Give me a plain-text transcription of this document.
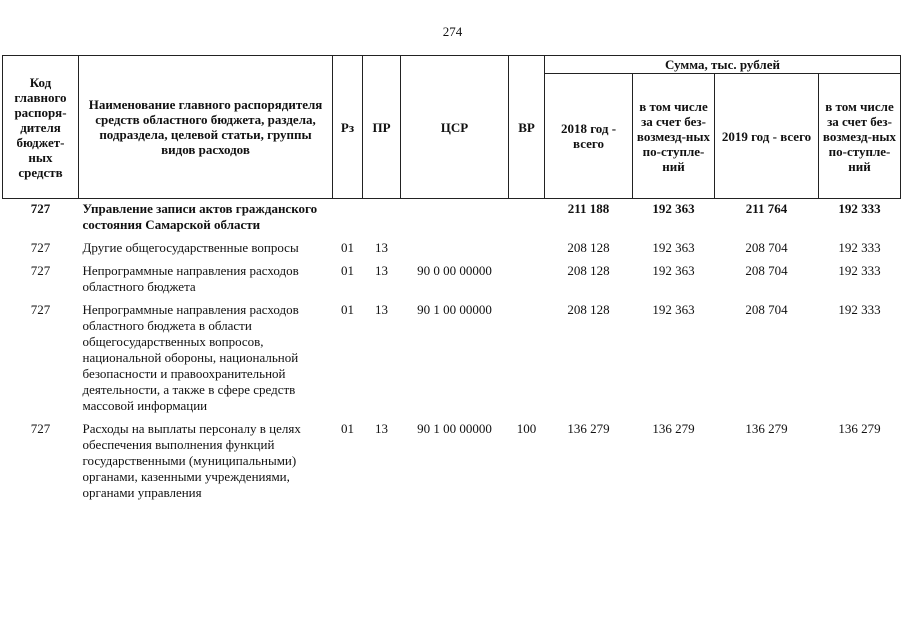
274
Код главного распоря-дителя бюджет-ных средств	Наименование главного распорядителя средств областного бюджета, раздела, подраздела, целевой статьи, группы видов расходов	Рз	ПР	ЦСР	ВР	Сумма, тыс. рублей			
						2018 год - всего	в том числе за счет без-возмезд-ных по-ступле-ний	2019 год - всего	в том числе за счет без-возмезд-ных по-ступле-ний
727	Управление записи актов гражданского состояния Самарской области					211 188	192 363	211 764	192 333
727	Другие общегосударственные вопросы	01	13			208 128	192 363	208 704	192 333
727	Непрограммные направления расходов областного бюджета	01	13	90 0 00 00000		208 128	192 363	208 704	192 333
727	Непрограммные направления расходов областного бюджета в области общегосударственных вопросов, национальной обороны, национальной безопасности и правоохранительной деятельности, а также в сфере средств массовой информации	01	13	90 1 00 00000		208 128	192 363	208 704	192 333
727	Расходы на выплаты персоналу в целях обеспечения выполнения функций государственными (муниципальными) органами, казенными учреждениями, органами управления	01	13	90 1 00 00000	100	136 279	136 279	136 279	136 279
